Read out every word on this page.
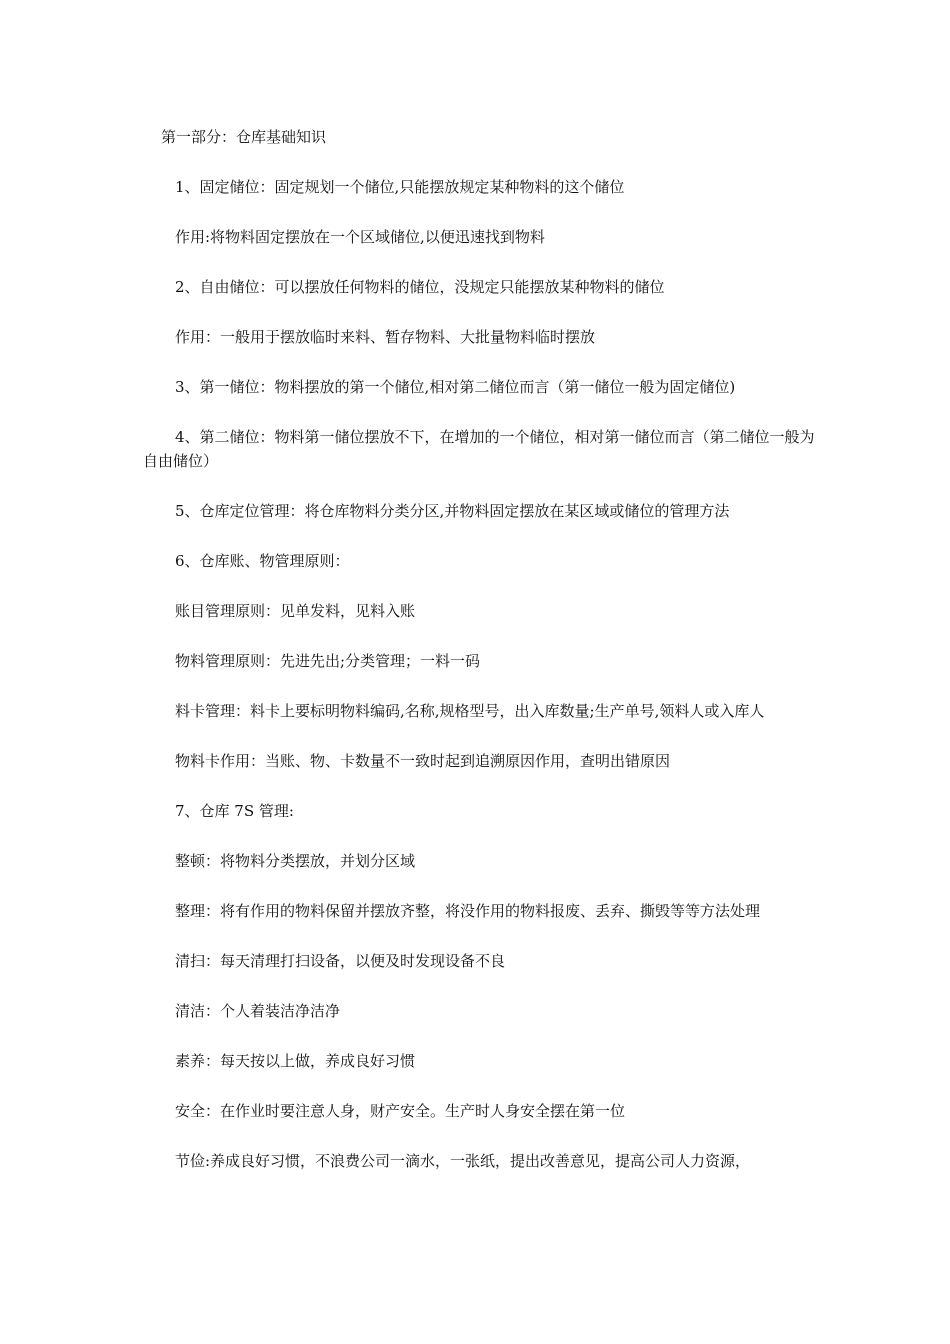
第一部分：仓库基础知识

1、固定储位：固定规划一个储位,只能摆放规定某种物料的这个储位

作用:将物料固定摆放在一个区域储位,以便迅速找到物料

2、自由储位：可以摆放任何物料的储位，没规定只能摆放某种物料的储位

作用：一般用于摆放临时来料、暂存物料、大批量物料临时摆放

3、第一储位：物料摆放的第一个储位,相对第二储位而言（第一储位一般为固定储位)

4、第二储位：物料第一储位摆放不下，在增加的一个储位，相对第一储位而言（第二储位一般为自由储位）

5、仓库定位管理：将仓库物料分类分区,并物料固定摆放在某区域或储位的管理方法

6、仓库账、物管理原则：

账目管理原则：见单发料，见料入账

物料管理原则：先进先出;分类管理；一料一码

料卡管理：料卡上要标明物料编码,名称,规格型号，出入库数量;生产单号,领料人或入库人

物料卡作用：当账、物、卡数量不一致时起到追溯原因作用，查明出错原因

7、仓库 7S 管理:

整顿：将物料分类摆放，并划分区域

整理：将有作用的物料保留并摆放齐整，将没作用的物料报废、丢弃、撕毁等等方法处理

清扫：每天清理打扫设备，以便及时发现设备不良

清洁：个人着装洁净洁净

素养：每天按以上做，养成良好习惯

安全：在作业时要注意人身，财产安全。生产时人身安全摆在第一位

节俭:养成良好习惯，不浪费公司一滴水，一张纸，提出改善意见，提高公司人力资源，
